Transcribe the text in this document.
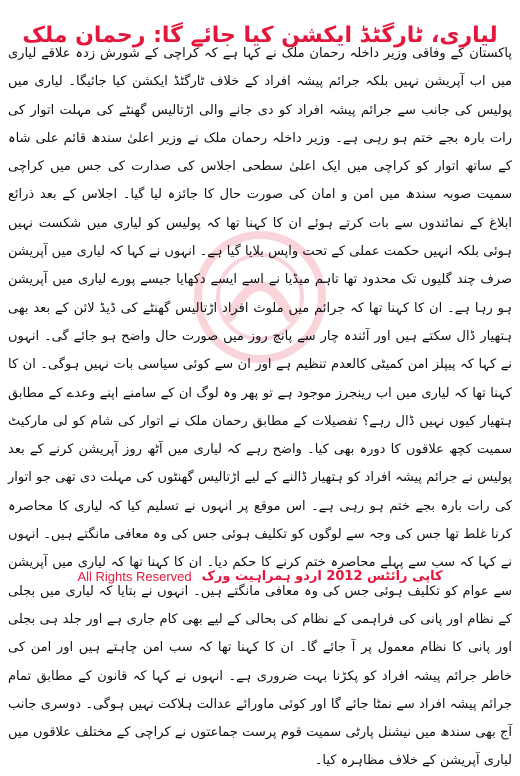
لیاری، ٹارگٹڈ ایکشن کیا جائے گا: رحمان ملک

پاکستان کے وفاقی وزیر داخلہ رحمان ملک نے کہا ہے کہ کراچی کے شورش زدہ علاقے لیاری میں اب آپریشن نہیں بلکہ جرائم پیشہ افراد کے خلاف ٹارگٹڈ ایکشن کیا جائیگا۔ لیاری میں پولیس کی جانب سے جرائم پیشہ افراد کو دی جانے والی اڑتالیس گھنٹے کی مہلت اتوار کی رات بارہ بجے ختم ہو رہی ہے۔ وزیر داخلہ رحمان ملک نے وزیر اعلیٰ سندھ قائم علی شاہ کے ساتھ اتوار کو کراچی میں ایک اعلیٰ سطحی اجلاس کی صدارت کی جس میں کراچی سمیت صوبہ سندھ میں امن و امان کی صورت حال کا جائزہ لیا گیا۔ اجلاس کے بعد ذرائع ابلاغ کے نمائندوں سے بات کرتے ہوئے ان کا کہنا تھا کہ پولیس کو لیاری میں شکست نہیں ہوئی بلکہ انہیں حکمت عملی کے تحت واپس بلایا گیا ہے۔ انہوں نے کہا کہ لیاری میں آپریشن صرف چند گلیوں تک محدود تھا تاہم میڈیا نے اسے ایسے دکھایا جیسے پورے لیاری میں آپریشن ہو رہا ہے۔ ان کا کہنا تھا کہ جرائم میں ملوث افراد اڑتالیس گھنٹے کی ڈیڈ لائن کے بعد بھی ہتھیار ڈال سکتے ہیں اور آئندہ چار سے پانچ روز میں صورت حال واضح ہو جائے گی۔ انہوں نے کہا کہ پیپلز امن کمیٹی کالعدم تنظیم ہے اور ان سے کوئی سیاسی بات نہیں ہوگی۔ ان کا کہنا تھا کہ لیاری میں اب رینجرز موجود ہے تو پھر وہ لوگ ان کے سامنے اپنے وعدے کے مطابق ہتھیار کیوں نہیں ڈال رہے؟ تفصیلات کے مطابق رحمان ملک نے اتوار کی شام کو لی مارکیٹ سمیت کچھ علاقوں کا دورہ بھی کیا۔ واضح رہے کہ لیاری میں آٹھ روز آپریشن کرنے کے بعد پولیس نے جرائم پیشہ افراد کو ہتھیار ڈالنے کے لیے اڑتالیس گھنٹوں کی مہلت دی تھی جو اتوار کی رات بارہ بجے ختم ہو رہی ہے۔ اس موقع پر انہوں نے تسلیم کیا کہ لیاری کا محاصرہ کرنا غلط تھا جس کی وجہ سے لوگوں کو تکلیف ہوئی جس کی وہ معافی مانگتے ہیں۔ انہوں نے کہا کہ سب سے پہلے محاصرہ ختم کرنے کا حکم دیا۔ ان کا کہنا تھا کہ لیاری میں آپریشن سے عوام کو تکلیف ہوئی جس کی وہ معافی مانگتے ہیں۔ انہوں نے بتایا کہ لیاری میں بجلی کے نظام اور پانی کی فراہمی کے نظام کی بحالی کے لیے بھی کام جاری ہے اور جلد ہی بجلی اور پانی کا نظام معمول پر آ جائے گا۔ ان کا کہنا تھا کہ سب امن چاہتے ہیں اور امن کی خاطر جرائم پیشہ افراد کو پکڑنا بہت ضروری ہے۔ انہوں نے کہا کہ قانون کے مطابق تمام جرائم پیشہ افراد سے نمٹا جائے گا اور کوئی ماورائے عدالت ہلاکت نہیں ہوگی۔ دوسری جانب آج بھی سندھ میں نیشنل پارٹی سمیت قوم پرست جماعتوں نے کراچی کے مختلف علاقوں میں لیاری آپریشن کے خلاف مظاہرہ کیا۔

All Rights Reserved کاپی رائٹس 2012 اردو ہمراہیت ورک
